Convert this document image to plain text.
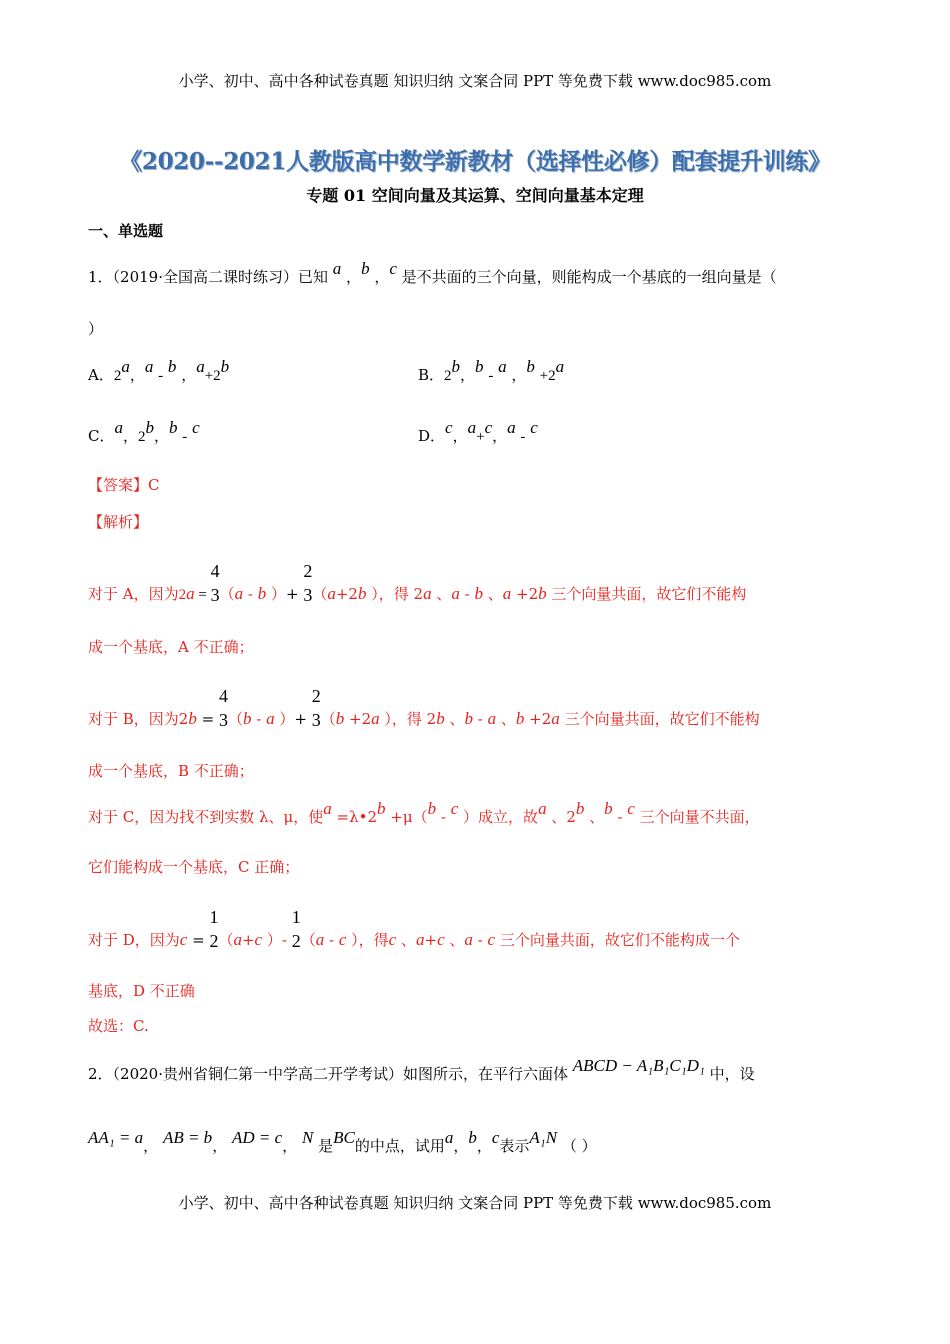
小学、初中、高中各种试卷真题 知识归纳 文案合同 PPT 等免费下载 www.doc985.com
《2020--2021人教版高中数学新教材（选择性必修）配套提升训练》
专题 01 空间向量及其运算、空间向量基本定理
一、单选题
1．（2019·全国高二课时练习）已知 a ，b ，c 是不共面的三个向量，则能构成一个基底的一组向量是（
）
A．2a，a - b ，a+2b	B．2b，b - a ，b +2a
C．a，2b，b - c	D．c，a+c，a - c
【答案】C
【解析】
对于 A，因为2a =
4
3 （a - b ）+
2
3 （a+2b ），得 2a 、a - b 、a +2b 三个向量共面，故它们不能构
成一个基底，A 不正确；
对于 B，因为2b =
4
3 （b - a ）+
2
3 （b +2a ），得 2b 、b - a 、b +2a 三个向量共面，故它们不能构
成一个基底，B 不正确；
对于 C，因为找不到实数 λ、μ，使a =λ•2b +μ（b - c ）成立，故a 、2b 、b - c 三个向量不共面，
它们能构成一个基底，C 正确；
对于 D，因为c =
1
2 （a+c ）-
1
2 （a - c ），得c 、a+c 、a - c 三个向量共面，故它们不能构成一个
基底，D 不正确
故选：C.
2．（2020·贵州省铜仁第一中学高二开学考试）如图所示，在平行六面体 ABCD − A₁B₁C₁D₁ 中，设
AA₁ = a， AB = b， AD = c， N 是BC的中点，试用a，b，c表示A₁N （ ）
小学、初中、高中各种试卷真题 知识归纳 文案合同 PPT 等免费下载 www.doc985.com
